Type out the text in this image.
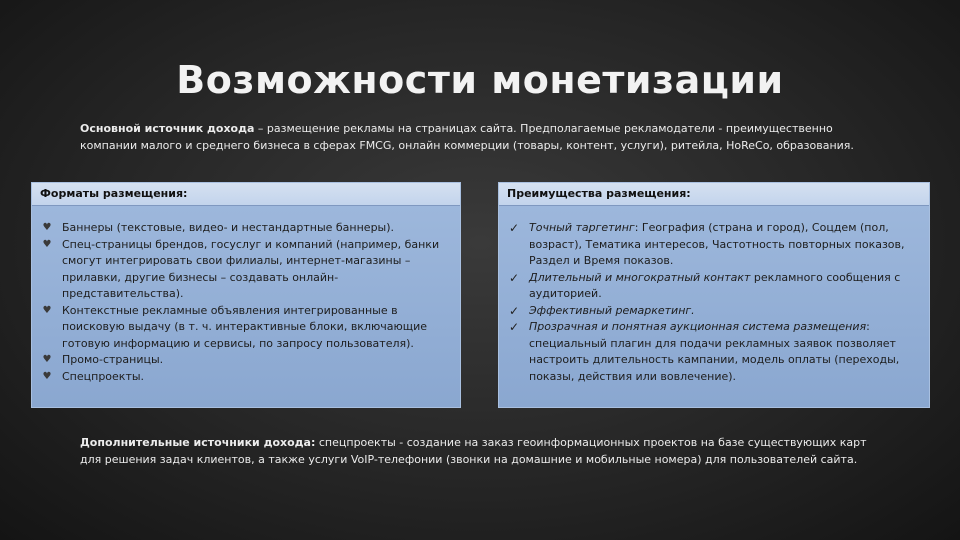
Возможности монетизации
Основной источник дохода – размещение рекламы на страницах сайта. Предполагаемые рекламодатели - преимущественно компании малого и среднего бизнеса в сферах FMCG, онлайн коммерции (товары, контент, услуги), ритейла, HoReCo, образования.
Форматы размещения:
♥ Баннеры (текстовые, видео- и нестандартные баннеры).
♥ Спец-страницы брендов, госуслуг и компаний (например, банки смогут интегрировать свои филиалы, интернет-магазины – прилавки, другие бизнесы – создавать онлайн-представительства).
♥ Контекстные рекламные объявления интегрированные в поисковую выдачу (в т. ч. интерактивные блоки, включающие готовую информацию и сервисы, по запросу пользователя).
♥ Промо-страницы.
♥ Спецпроекты.
Преимущества размещения:
✓ Точный таргетинг: География (страна и город), Соцдем (пол, возраст), Тематика интересов, Частотность повторных показов, Раздел и Время показов.
✓ Длительный и многократный контакт рекламного сообщения с аудиторией.
✓ Эффективный ремаркетинг.
✓ Прозрачная и понятная аукционная система размещения: специальный плагин для подачи рекламных заявок позволяет настроить длительность кампании, модель оплаты (переходы, показы, действия или вовлечение).
Дополнительные источники дохода: спецпроекты - создание на заказ геоинформационных проектов на базе существующих карт для решения задач клиентов, а также услуги VoIP-телефонии (звонки на домашние и мобильные номера) для пользователей сайта.
